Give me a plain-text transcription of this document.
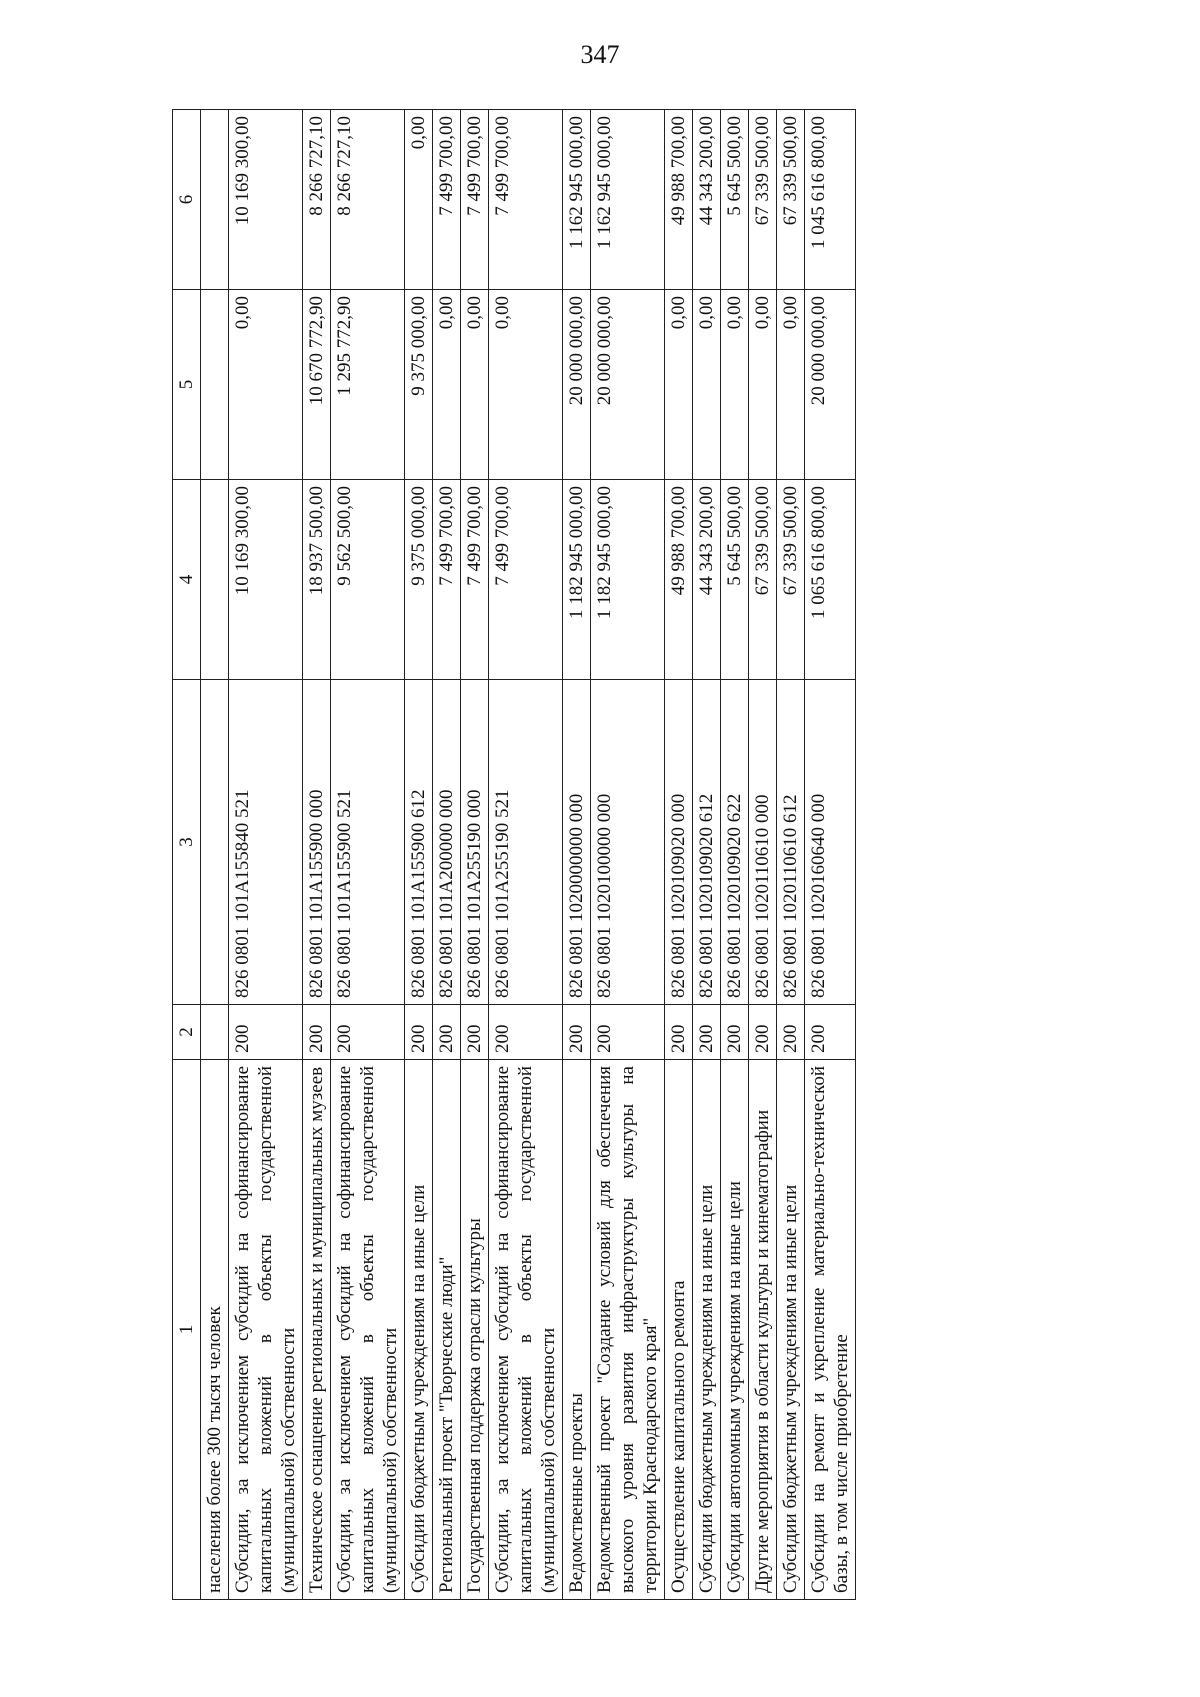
347
1	2	3	4	5	6
населения более 300 тысяч человек					
Субсидии, за исключением субсидий на софинансирование капитальных вложений в объекты государственной (муниципальной) собственности	200	826 0801 101A155840 521	10 169 300,00	0,00	10 169 300,00
Техническое оснащение региональных и муниципальных музеев	200	826 0801 101A155900 000	18 937 500,00	10 670 772,90	8 266 727,10
Субсидии, за исключением субсидий на софинансирование капитальных вложений в объекты государственной (муниципальной) собственности	200	826 0801 101A155900 521	9 562 500,00	1 295 772,90	8 266 727,10
Субсидии бюджетным учреждениям на иные цели	200	826 0801 101A155900 612	9 375 000,00	9 375 000,00	0,00
Региональный проект "Творческие люди"	200	826 0801 101A200000 000	7 499 700,00	0,00	7 499 700,00
Государственная поддержка отрасли культуры	200	826 0801 101A255190 000	7 499 700,00	0,00	7 499 700,00
Субсидии, за исключением субсидий на софинансирование капитальных вложений в объекты государственной (муниципальной) собственности	200	826 0801 101A255190 521	7 499 700,00	0,00	7 499 700,00
Ведомственные проекты	200	826 0801 1020000000 000	1 182 945 000,00	20 000 000,00	1 162 945 000,00
Ведомственный проект "Создание условий для обеспечения высокого уровня развития инфраструктуры культуры на территории Краснодарского края"	200	826 0801 1020100000 000	1 182 945 000,00	20 000 000,00	1 162 945 000,00
Осуществление капитального ремонта	200	826 0801 1020109020 000	49 988 700,00	0,00	49 988 700,00
Субсидии бюджетным учреждениям на иные цели	200	826 0801 1020109020 612	44 343 200,00	0,00	44 343 200,00
Субсидии автономным учреждениям на иные цели	200	826 0801 1020109020 622	5 645 500,00	0,00	5 645 500,00
Другие мероприятия в области культуры и кинематографии	200	826 0801 1020110610 000	67 339 500,00	0,00	67 339 500,00
Субсидии бюджетным учреждениям на иные цели	200	826 0801 1020110610 612	67 339 500,00	0,00	67 339 500,00
Субсидии на ремонт и укрепление материально-технической базы, в том числе приобретение	200	826 0801 1020160640 000	1 065 616 800,00	20 000 000,00	1 045 616 800,00
